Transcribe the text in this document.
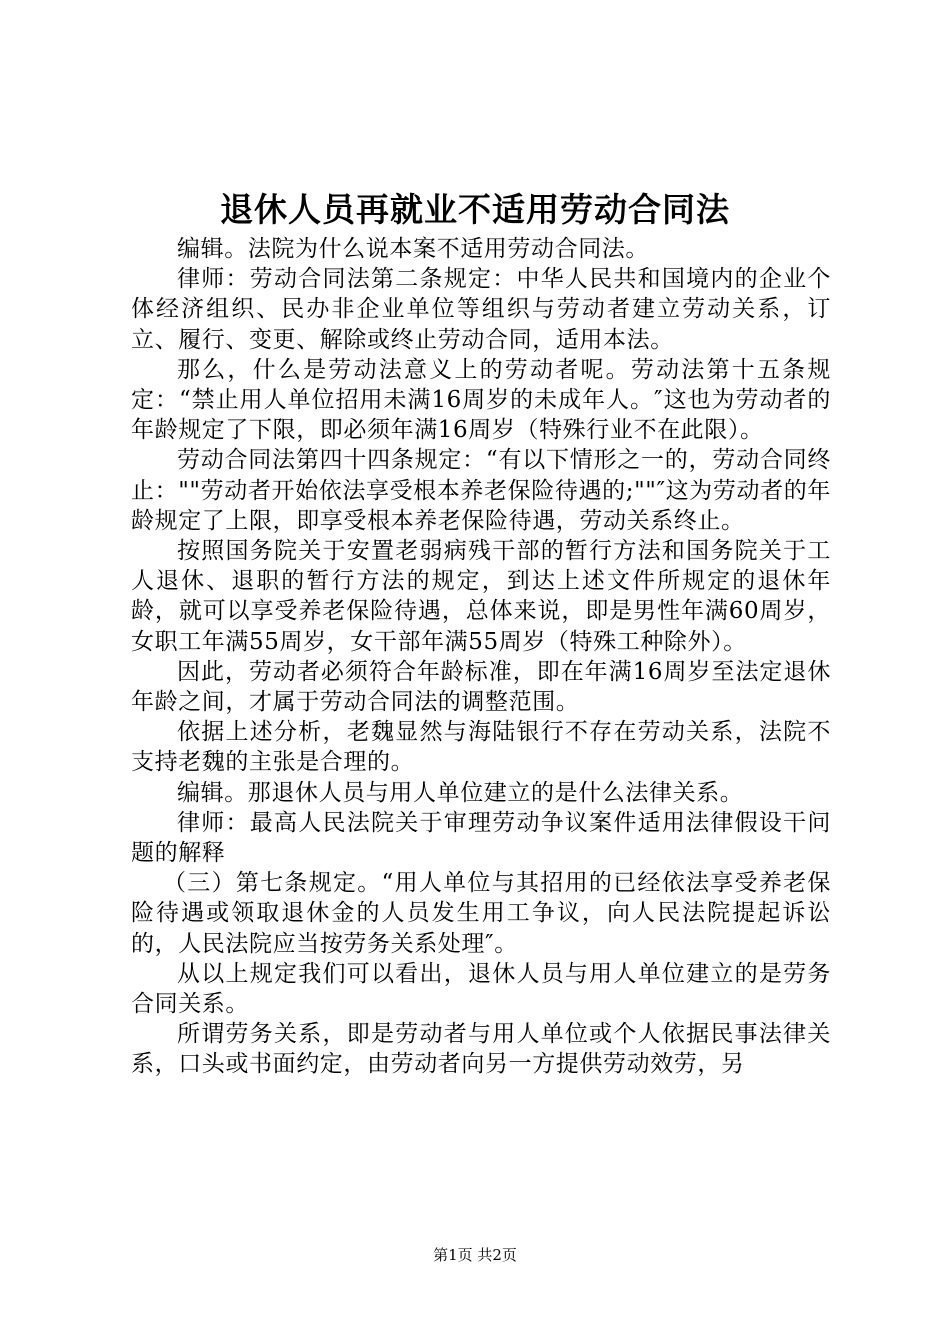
退休人员再就业不适用劳动合同法

编辑。法院为什么说本案不适用劳动合同法。

律师：劳动合同法第二条规定：中华人民共和国境内的企业个体经济组织、民办非企业单位等组织与劳动者建立劳动关系，订立、履行、变更、解除或终止劳动合同，适用本法。

那么，什么是劳动法意义上的劳动者呢。劳动法第十五条规定：“禁止用人单位招用未满16周岁的未成年人。″这也为劳动者的年龄规定了下限，即必须年满16周岁（特殊行业不在此限）。

劳动合同法第四十四条规定：“有以下情形之一的，劳动合同终止：""劳动者开始依法享受根本养老保险待遇的;""″这为劳动者的年龄规定了上限，即享受根本养老保险待遇，劳动关系终止。

按照国务院关于安置老弱病残干部的暂行方法和国务院关于工人退休、退职的暂行方法的规定，到达上述文件所规定的退休年龄，就可以享受养老保险待遇，总体来说，即是男性年满60周岁，女职工年满55周岁，女干部年满55周岁（特殊工种除外）。

因此，劳动者必须符合年龄标准，即在年满16周岁至法定退休年龄之间，才属于劳动合同法的调整范围。

依据上述分析，老魏显然与海陆银行不存在劳动关系，法院不支持老魏的主张是合理的。

编辑。那退休人员与用人单位建立的是什么法律关系。

律师：最高人民法院关于审理劳动争议案件适用法律假设干问题的解释

（三）第七条规定。“用人单位与其招用的已经依法享受养老保险待遇或领取退休金的人员发生用工争议，向人民法院提起诉讼的，人民法院应当按劳务关系处理″。

从以上规定我们可以看出，退休人员与用人单位建立的是劳务合同关系。

所谓劳务关系，即是劳动者与用人单位或个人依据民事法律关系，口头或书面约定，由劳动者向另一方提供劳动效劳，另

第1页 共2页
